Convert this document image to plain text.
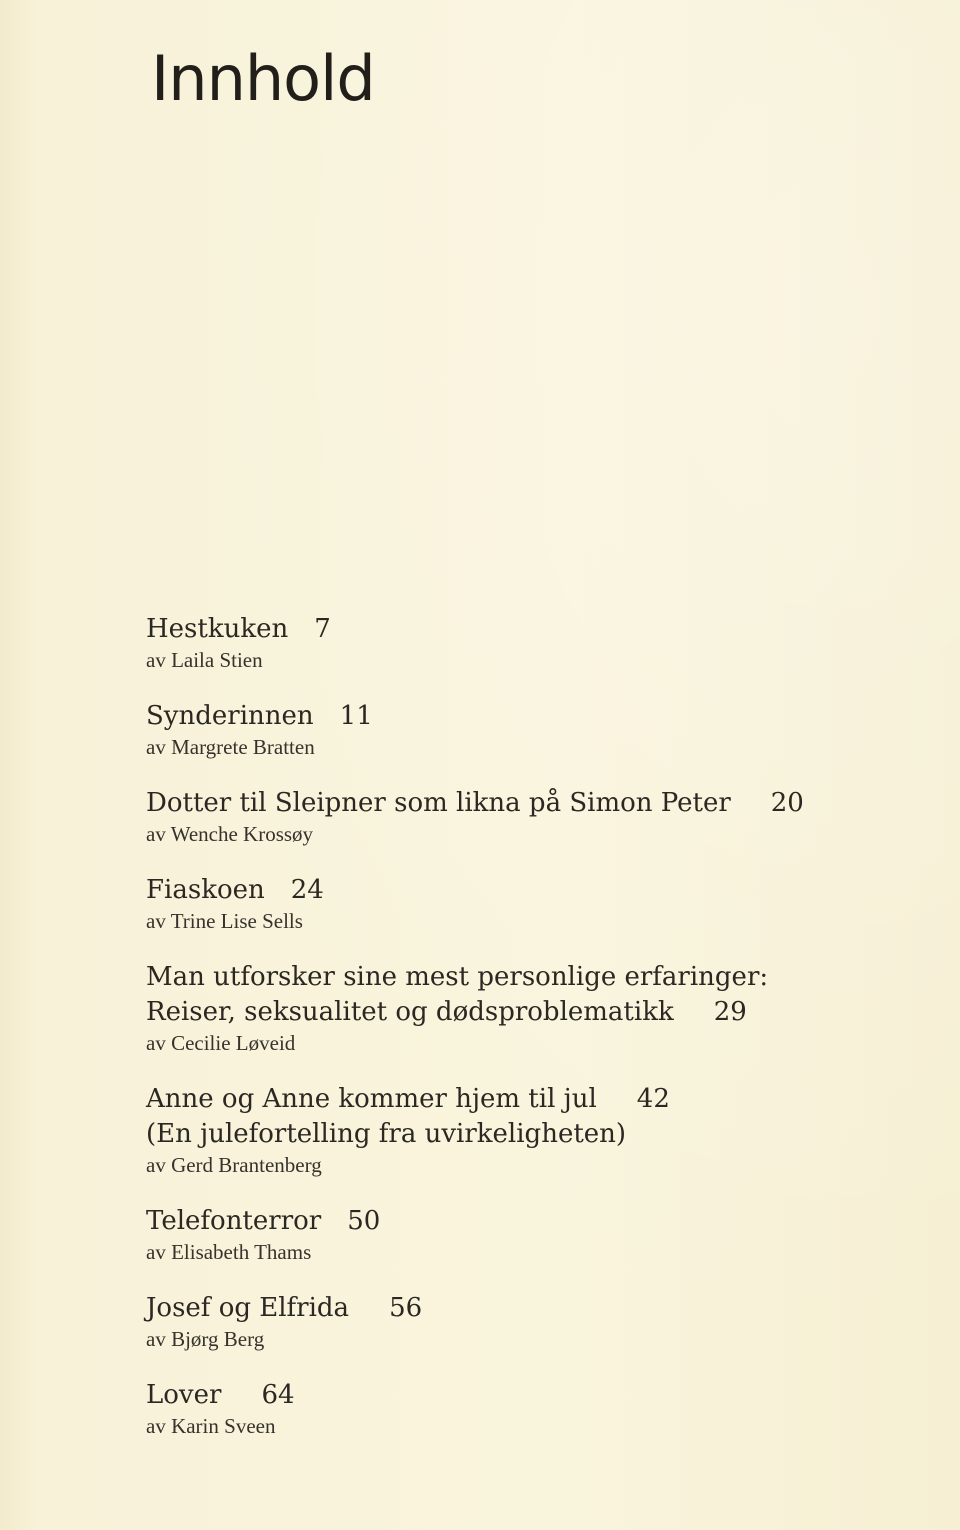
Innhold
Hestkuken 7
av Laila Stien
Synderinnen 11
av Margrete Bratten
Dotter til Sleipner som likna på Simon Peter 20
av Wenche Krossøy
Fiaskoen 24
av Trine Lise Sells
Man utforsker sine mest personlige erfaringer:
Reiser, seksualitet og dødsproblematikk 29
av Cecilie Løveid
Anne og Anne kommer hjem til jul 42
(En julefortelling fra uvirkeligheten)
av Gerd Brantenberg
Telefonterror 50
av Elisabeth Thams
Josef og Elfrida 56
av Bjørg Berg
Lover 64
av Karin Sveen
